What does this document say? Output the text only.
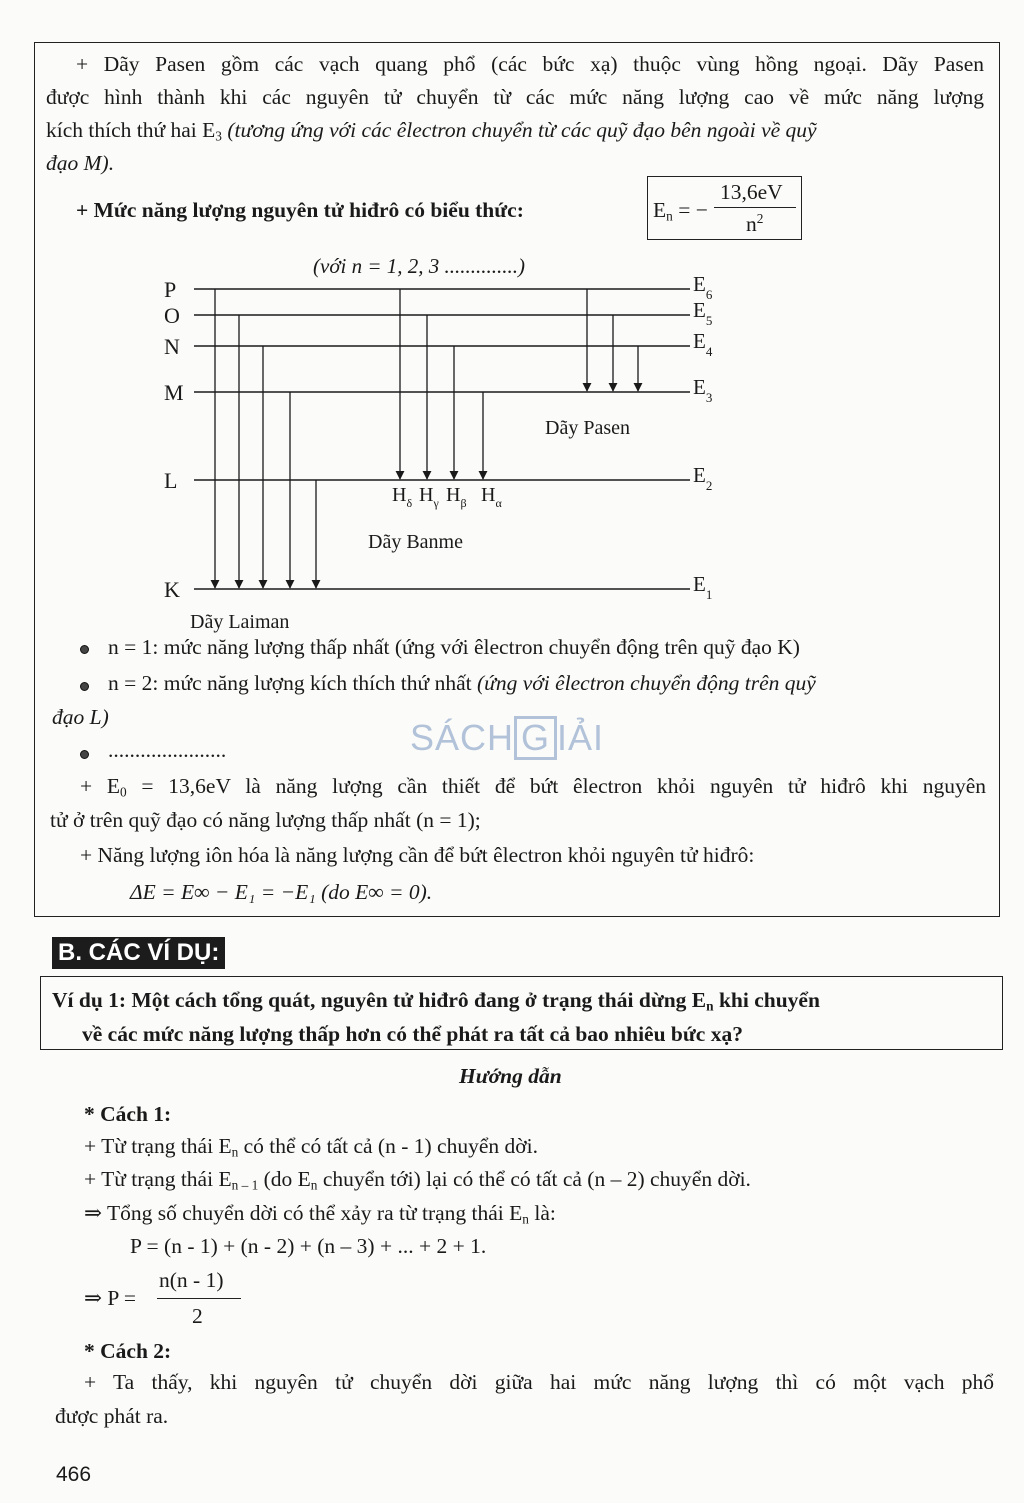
+ Dãy Pasen gồm các vạch quang phổ (các bức xạ) thuộc vùng hồng ngoại. Dãy Pasen
được hình thành khi các nguyên tử chuyển từ các mức năng lượng cao về mức năng lượng
kích thích thứ hai $E_3$ (tương ứng với các êlectron chuyển từ các quỹ đạo bên ngoài về quỹ
đạo M).
+ Mức năng lượng nguyên tử hiđrô có biểu thức:	$E_n$ = −
13,6eV
$n^2$
P	$E_6$
O	$E_5$
N	$E_4$
M	$E_3$
L	$E_2$
K	$E_1$
(với n = 1, 2, 3 ..............)
$H_\delta$ $H_\gamma$ $H_\beta$ $H_\alpha$
Dãy Pasen
Dãy Banme
Dãy Laiman
n = 1: mức năng lượng thấp nhất (ứng với êlectron chuyển động trên quỹ đạo K)
n = 2: mức năng lượng kích thích thứ nhất (ứng với êlectron chuyển động trên quỹ
đạo L)
......................	SÁCH G IẢI
+ $E_0 = 13,6eV$ là năng lượng cần thiết để bứt êlectron khỏi nguyên tử hiđrô khi nguyên
tử ở trên quỹ đạo có năng lượng thấp nhất (n = 1);
+ Năng lượng iôn hóa là năng lượng cần để bứt êlectron khỏi nguyên tử hiđrô:
ΔE = E∞ − E₁ = −E₁ (do E∞ = 0).
B. CÁC VÍ DỤ:
Ví dụ 1: Một cách tổng quát, nguyên tử hiđrô đang ở trạng thái dừng $E_n$ khi chuyển
về các mức năng lượng thấp hơn có thể phát ra tất cả bao nhiêu bức xạ?
Hướng dẫn
* Cách 1:
+ Từ trạng thái $E_n$ có thể có tất cả (n - 1) chuyển dời.
+ Từ trạng thái $E_{n - 1}$ (do $E_n$ chuyển tới) lại có thể có tất cả (n – 2) chuyển dời.
⇒ Tổng số chuyển dời có thể xảy ra từ trạng thái $E_n$ là:
P = (n - 1) + (n - 2) + (n – 3) + ... + 2 + 1.
⇒ P =
n(n - 1)
2
* Cách 2:
+ Ta thấy, khi nguyên tử chuyển dời giữa hai mức năng lượng thì có một vạch phổ
được phát ra.
466
